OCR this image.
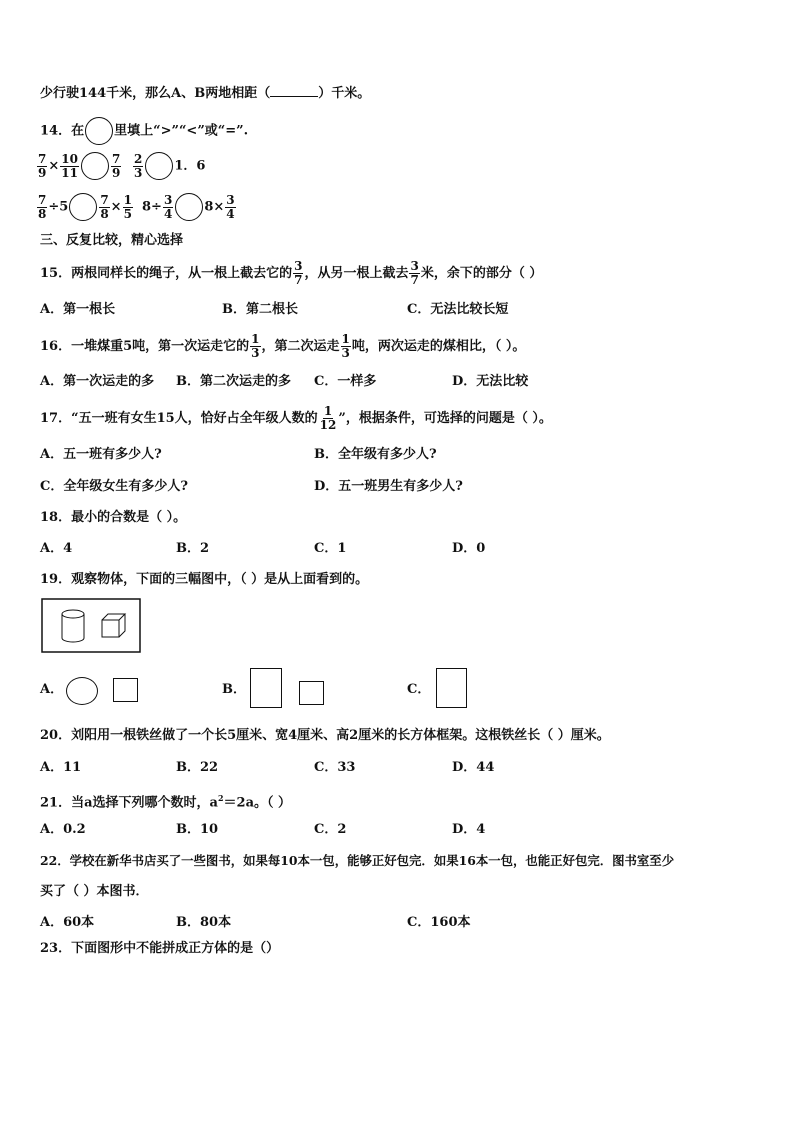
少行驶144千米，那么A、B两地相距（	）千米。
14．在 里填上“>”“<”或“=”.
$\frac{7}{9} \times \frac{10}{11}$	$\frac{7}{9} \frac{2}{3} 1$．6
$\frac{7}{8} \div 5$	$\frac{7}{8} \times \frac{1}{5} 8\div \frac{3}{4} 8\times \frac{3}{4}$
三、反复比较，精心选择
15．两根同样长的绳子，从一根上截去它的 $\frac{3}{7}$ ，从另一根上截去 $\frac{3}{7}$ 米，余下的部分（ ）
A．第一根长	B．第二根长	C．无法比较长短
16．一堆煤重5吨，第一次运走它的 $\frac{1}{3}$ ，第二次运走 $\frac{1}{3}$ 吨，两次运走的煤相比，（ ）。
A．第一次运走的多 B．第二次运走的多 C．一样多	D．无法比较
17．“五一班有女生15人，恰好占全年级人数的 $\frac{1}{12}$ ”，根据条件，可选择的问题是（ ）。
A．五一班有多少人?	B．全年级有多少人?
C．全年级女生有多少人?	D．五一班男生有多少人?
18．最小的合数是（ ）。
A．4	B．2	C．1	D．0
19．观察物体，下面的三幅图中，（ ）是从上面看到的。
A．	B．	C．
20．刘阳用一根铁丝做了一个长5厘米、宽4厘米、高2厘米的长方体框架。这根铁丝长（ ）厘米。
A．11	B．22	C．33	D．44
21．当a选择下列哪个数时，$a^2=2a$。（ ）
A．0.2	B．10	C．2	D．4
22．学校在新华书店买了一些图书，如果每10本一包，能够正好包完．如果16本一包，也能正好包完．图书室至少
买了（ ）本图书．
A．60本	B．80本	C．160本
23．下面图形中不能拼成正方体的是（）
